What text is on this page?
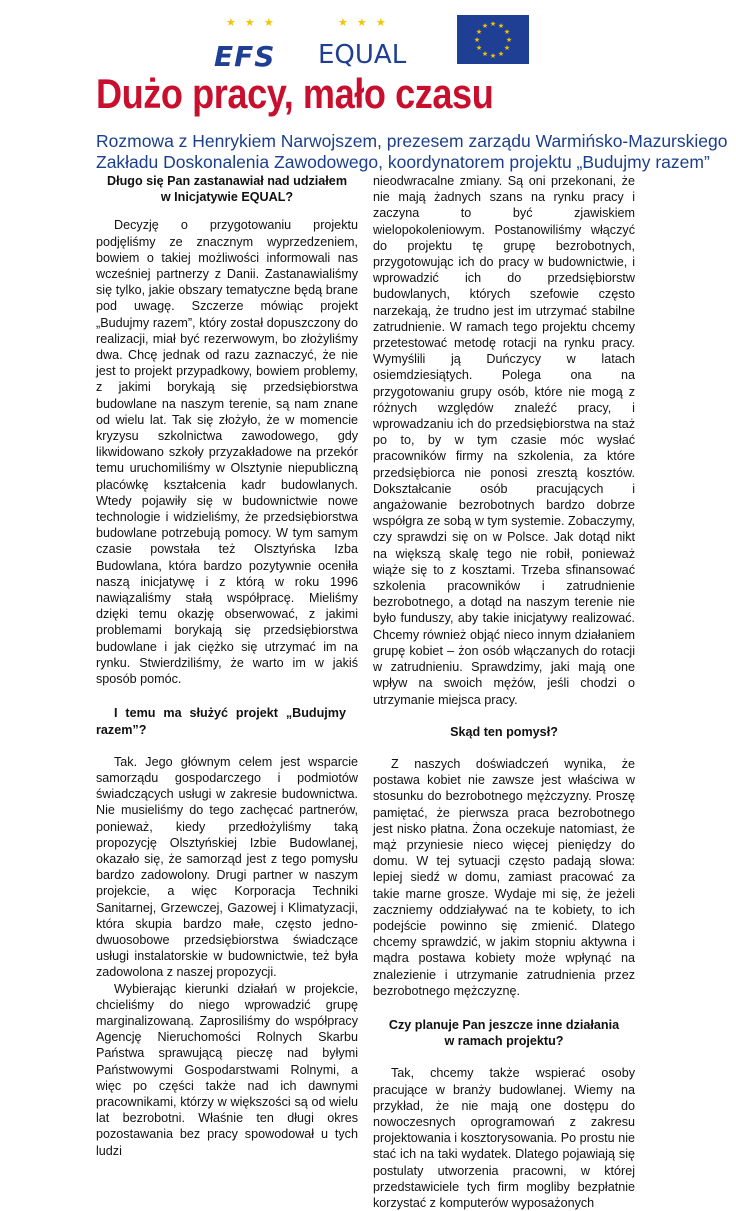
★ ★ ★
EFS
★ ★ ★
EQUAL
★ ★
★
★
★
★
★
★
★
★
★
★
Dużo pracy, mało czasu
Rozmowa z Henrykiem Narwojszem, prezesem zarządu Warmińsko-Mazurskiego
Zakładu Doskonalenia Zawodowego, koordynatorem projektu „Budujmy razem”

Długo się Pan zastanawiał nad udziałem w Inicjatywie EQUAL?

Decyzję o przygotowaniu projektu podjęliśmy ze znacznym wyprzedzeniem, bowiem o takiej możliwości informowali nas wcześniej partnerzy z Danii. Zastanawialiśmy się tylko, jakie obszary tematyczne będą brane pod uwagę. Szczerze mówiąc projekt „Budujmy razem”, który został dopuszczony do realizacji, miał być rezerwowym, bo złożyliśmy dwa. Chcę jednak od razu zaznaczyć, że nie jest to projekt przypadkowy, bowiem problemy, z jakimi borykają się przedsiębiorstwa budowlane na naszym terenie, są nam znane od wielu lat. Tak się złożyło, że w momencie kryzysu szkolnictwa zawodowego, gdy likwidowano szkoły przyzakładowe na przekór temu uruchomiliśmy w Olsztynie niepubliczną placówkę kształcenia kadr budowlanych. Wtedy pojawiły się w budownictwie nowe technologie i widzieliśmy, że przedsiębiorstwa budowlane potrzebują pomocy. W tym samym czasie powstała też Olsztyńska Izba Budowlana, która bardzo pozytywnie oceniła naszą inicjatywę i z którą w roku 1996 nawiązaliśmy stałą współpracę. Mieliśmy dzięki temu okazję obserwować, z jakimi problemami borykają się przedsiębiorstwa budowlane i jak ciężko się utrzymać im na rynku. Stwierdziliśmy, że warto im w jakiś sposób pomóc.

I temu ma służyć projekt „Budujmy razem”?

Tak. Jego głównym celem jest wsparcie samorządu gospodarczego i podmiotów świadczących usługi w zakresie budownictwa. Nie musieliśmy do tego zachęcać partnerów, ponieważ, kiedy przedłożyliśmy taką propozycję Olsztyńskiej Izbie Budowlanej, okazało się, że samorząd jest z tego pomysłu bardzo zadowolony. Drugi partner w naszym projekcie, a więc Korporacja Techniki Sanitarnej, Grzewczej, Gazowej i Klimatyzacji, która skupia bardzo małe, często jedno- dwuosobowe przedsiębiorstwa świadczące usługi instalatorskie w budownictwie, też była zadowolona z naszej propozycji.

Wybierając kierunki działań w projekcie, chcieliśmy do niego wprowadzić grupę marginalizowaną. Zaprosiliśmy do współpracy Agencję Nieruchomości Rolnych Skarbu Państwa sprawującą pieczę nad byłymi Państwowymi Gospodarstwami Rolnymi, a więc po części także nad ich dawnymi pracownikami, którzy w większości są od wielu lat bezrobotni. Właśnie ten długi okres pozostawania bez pracy spowodował u tych ludzi

nieodwracalne zmiany. Są oni przekonani, że nie mają żadnych szans na rynku pracy i zaczyna to być zjawiskiem wielopokoleniowym. Postanowiliśmy włączyć do projektu tę grupę bezrobotnych, przygotowując ich do pracy w budownictwie, i wprowadzić ich do przedsiębiorstw budowlanych, których szefowie często narzekają, że trudno jest im utrzymać stabilne zatrudnienie. W ramach tego projektu chcemy przetestować metodę rotacji na rynku pracy. Wymyślili ją Duńczycy w latach osiemdziesiątych. Polega ona na przygotowaniu grupy osób, które nie mogą z różnych względów znaleźć pracy, i wprowadzaniu ich do przedsiębiorstwa na staż po to, by w tym czasie móc wysłać pracowników firmy na szkolenia, za które przedsiębiorca nie ponosi zresztą kosztów. Dokształcanie osób pracujących i angażowanie bezrobotnych bardzo dobrze współgra ze sobą w tym systemie. Zobaczymy, czy sprawdzi się on w Polsce. Jak dotąd nikt na większą skalę tego nie robił, ponieważ wiąże się to z kosztami. Trzeba sfinansować szkolenia pracowników i zatrudnienie bezrobotnego, a dotąd na naszym terenie nie było funduszy, aby takie inicjatywy realizować. Chcemy również objąć nieco innym działaniem grupę kobiet – żon osób włączanych do rotacji w zatrudnieniu. Sprawdzimy, jaki mają one wpływ na swoich mężów, jeśli chodzi o utrzymanie miejsca pracy.

Skąd ten pomysł?

Z naszych doświadczeń wynika, że postawa kobiet nie zawsze jest właściwa w stosunku do bezrobotnego mężczyzny. Proszę pamiętać, że pierwsza praca bezrobotnego jest nisko płatna. Żona oczekuje natomiast, że mąż przyniesie nieco więcej pieniędzy do domu. W tej sytuacji często padają słowa: lepiej siedź w domu, zamiast pracować za takie marne grosze. Wydaje mi się, że jeżeli zaczniemy oddziaływać na te kobiety, to ich podejście powinno się zmienić. Dlatego chcemy sprawdzić, w jakim stopniu aktywna i mądra postawa kobiety może wpłynąć na znalezienie i utrzymanie zatrudnienia przez bezrobotnego mężczyznę.

Czy planuje Pan jeszcze inne działania w ramach projektu?

Tak, chcemy także wspierać osoby pracujące w branży budowlanej. Wiemy na przykład, że nie mają one dostępu do nowoczesnych oprogramowań z zakresu projektowania i kosztorysowania. Po prostu nie stać ich na taki wydatek. Dlatego pojawiają się postulaty utworzenia pracowni, w której przedstawiciele tych firm mogliby bezpłatnie korzystać z komputerów wyposażonych
